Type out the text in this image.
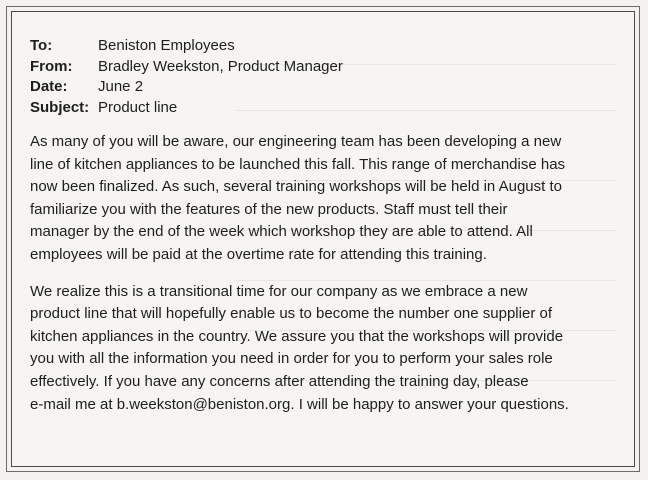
To:	Beniston Employees
From:	Bradley Weekston, Product Manager
Date:	June 2
Subject:	Product line

As many of you will be aware, our engineering team has been developing a new
line of kitchen appliances to be launched this fall. This range of merchandise has
now been finalized. As such, several training workshops will be held in August to
familiarize you with the features of the new products. Staff must tell their
manager by the end of the week which workshop they are able to attend. All
employees will be paid at the overtime rate for attending this training.

We realize this is a transitional time for our company as we embrace a new
product line that will hopefully enable us to become the number one supplier of
kitchen appliances in the country. We assure you that the workshops will provide
you with all the information you need in order for you to perform your sales role
effectively. If you have any concerns after attending the training day, please
e-mail me at b.weekston@beniston.org. I will be happy to answer your questions.
